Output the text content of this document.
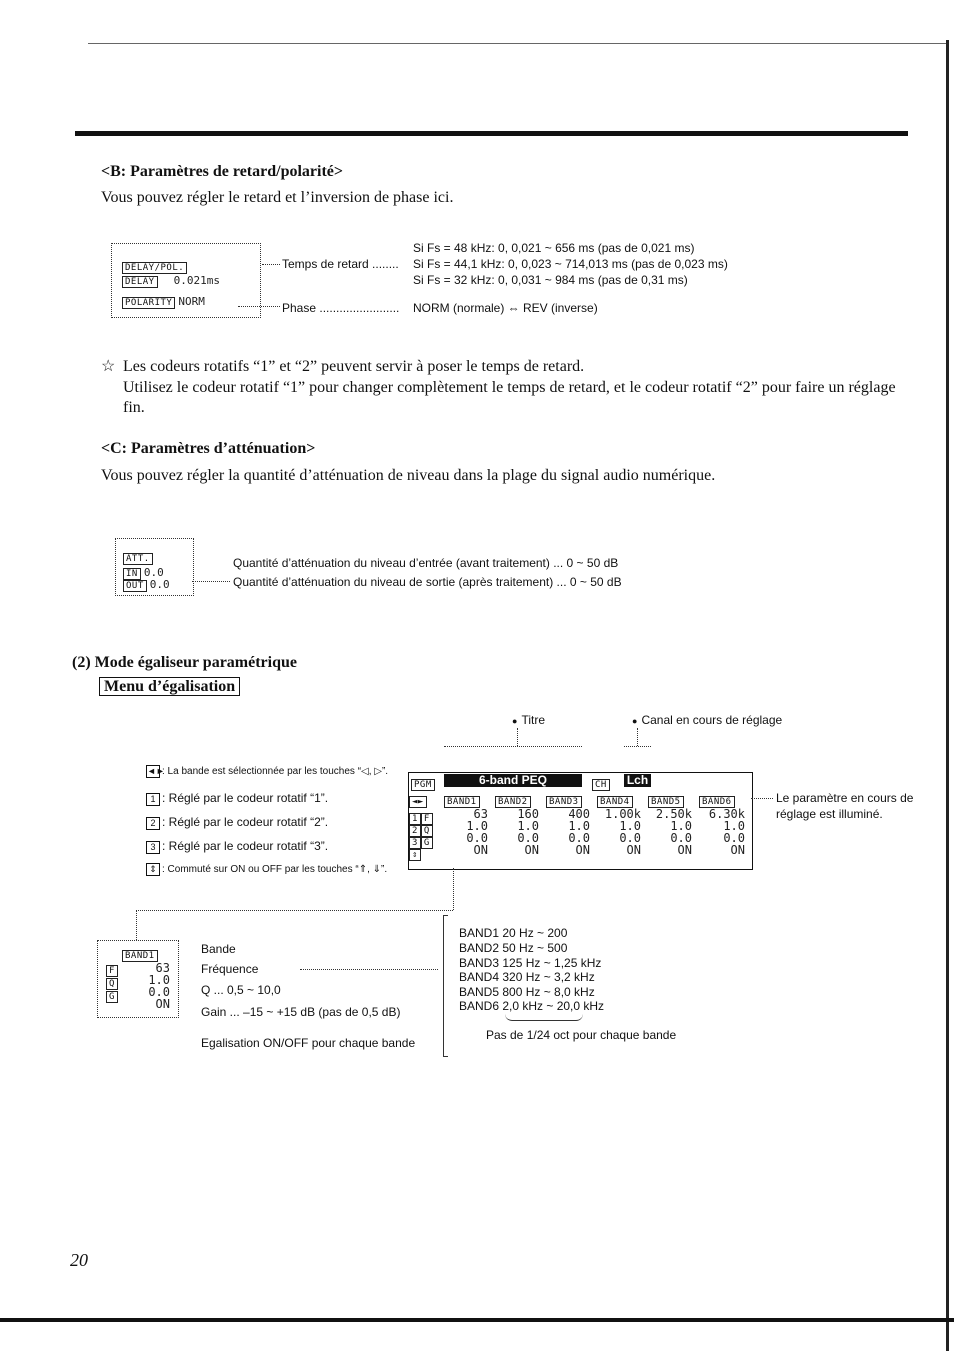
<B: Paramètres de retard/polarité>
Vous pouvez régler le retard et l’inversion de phase ici.
DELAY/POL.
DELAY 0.021ms
POLARITY NORM
Temps de retard ........
Phase ........................
Si Fs = 48 kHz: 0, 0,021 ~ 656 ms (pas de 0,021 ms)
Si Fs = 44,1 kHz: 0, 0,023 ~ 714,013 ms (pas de 0,023 ms)
Si Fs = 32 kHz: 0, 0,031 ~ 984 ms (pas de 0,31 ms)
NORM (normale) ⇔ REV (inverse)
☆ Les codeurs rotatifs “1” et “2” peuvent servir à poser le temps de retard.
Utilisez le codeur rotatif “1” pour changer complètement le temps de retard, et le codeur rotatif “2” pour faire un réglage fin.
<C: Paramètres d’atténuation>
Vous pouvez régler la quantité d’atténuation de niveau dans la plage du signal audio numérique.
ATT.
IN 0.0
OUT 0.0
Quantité d’atténuation du niveau d’entrée (avant traitement) ... 0 ~ 50 dB
Quantité d’atténuation du niveau de sortie (après traitement) ... 0 ~ 50 dB
(2) Mode égaliseur paramétrique
Menu d’égalisation
● Titre
●	Canal en cours de réglage
◄►: La bande est sélectionnée par les touches “◁, ▷”.
1 : Réglé par le codeur rotatif “1”.
2 : Réglé par le codeur rotatif “2”.
3 : Réglé par le codeur rotatif “3”.
⇕ : Commuté sur ON ou OFF par les touches “⇑, ⇓”.
PGM	6-band PEQ	CH Lch
◄►
1 F
2 Q
3 G
⇕
BAND1	BAND2	BAND3	BAND4	BAND5	BAND6
63
1.0
0.0
ON
160
1.0
0.0
ON
400
1.0
0.0
ON
1.00k
1.0
0.0
ON
2.50k
1.0
0.0
ON
6.30k
1.0
0.0
ON
Le paramètre en cours de réglage est illuminé.
BAND1
F
Q
G
63
1.0
0.0
ON
Bande
Fréquence
Q ... 0,5 ~ 10,0
Gain ... –15 ~ +15 dB (pas de 0,5 dB)
Egalisation ON/OFF pour chaque bande
BAND1 20 Hz ~ 200
BAND2 50 Hz ~ 500
BAND3 125 Hz ~ 1,25 kHz
BAND4 320 Hz ~ 3,2 kHz
BAND5 800 Hz ~ 8,0 kHz
BAND6 2,0 kHz ~ 20,0 kHz
Pas de 1/24 oct pour chaque bande
20
